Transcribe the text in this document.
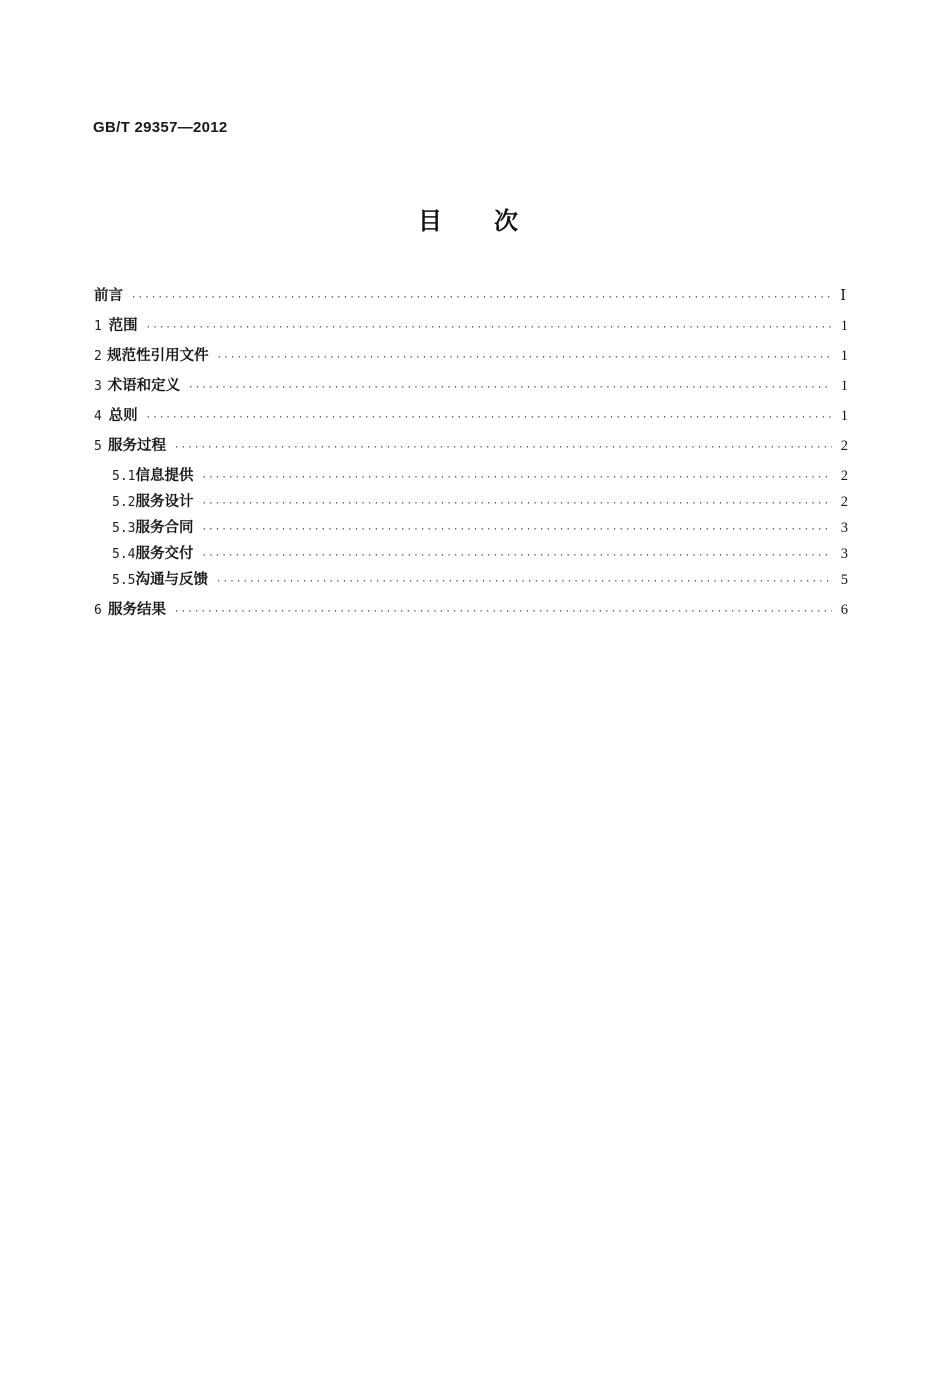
GB/T 29357—2012
目次
前言 ·····	Ⅰ
1 范围 ·····	1
2 规范性引用文件 ·····	1
3 术语和定义 ·····	1
4 总则 ·····	1
5 服务过程 ·····	2
5.1 信息提供 ·····	2
5.2 服务设计 ·····	2
5.3 服务合同 ·····	3
5.4 服务交付 ·····	3
5.5 沟通与反馈 ·····	5
6 服务结果 ·····	6
